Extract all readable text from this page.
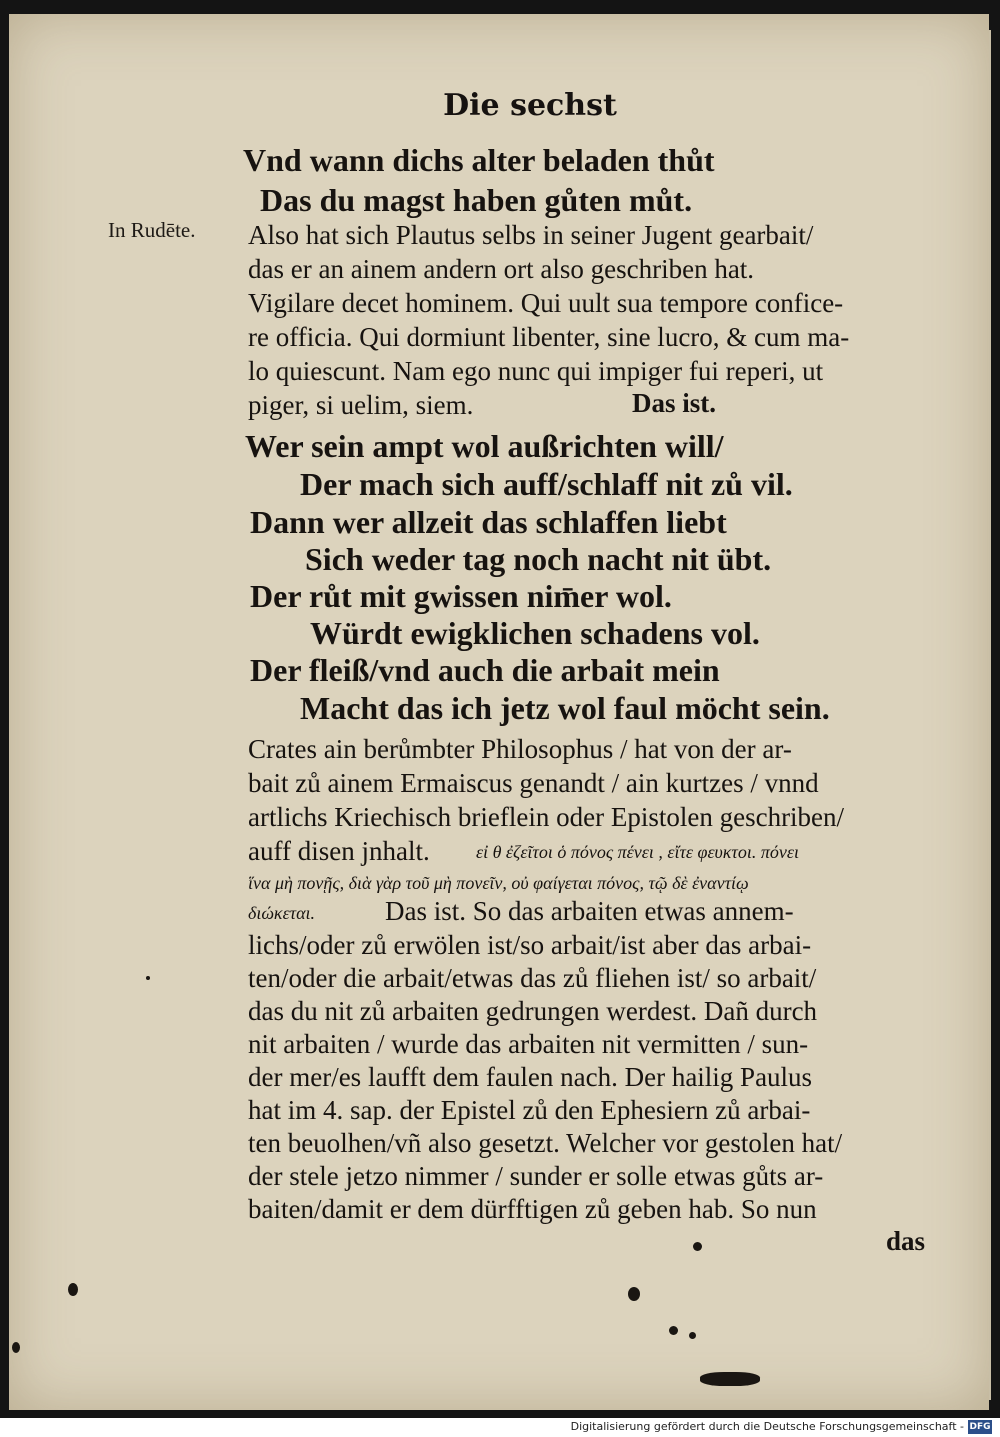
Die sechst
In Rudēte.
Vnd wann dichs alter beladen thůt
Das du magst haben gůten můt.
Also hat sich Plautus selbs in seiner Jugent gearbait/
das er an ainem andern ort also geschriben hat.
Vigilare decet hominem. Qui uult sua tempore confice-
re officia. Qui dormiunt libenter, sine lucro, & cum ma-
lo quiescunt. Nam ego nunc qui impiger fui reperi, ut
piger, si uelim, siem.	Das ist.
Wer sein ampt wol außrichten will/
Der mach sich auff/schlaff nit zů vil.
Dann wer allzeit das schlaffen liebt
Sich weder tag noch nacht nit übt.
Der růt mit gwissen nim̄er wol.
Würdt ewigklichen schadens vol.
Der fleiß/vnd auch die arbait mein
Macht das ich jetz wol faul möcht sein.
Crates ain berůmbter Philosophus / hat von der ar-
bait zů ainem Ermaiscus genandt / ain kurtzes / vnnd
artlichs Kriechisch brieflein oder Epistolen geschriben/
auff disen jnhalt.	εἰ θ ἐζεῖτοι ὁ πόνος πένει , εἴτε φευκτοι. πόνει
ἵνα μὴ πονῇς, διὰ γὰρ τοῦ μὴ πονεῖν, οὐ φαίγεται πόνος, τῷ δὲ ἐναντίῳ
διώκεται.	Das ist. So das arbaiten etwas annem-
lichs/oder zů erwölen ist/so arbait/ist aber das arbai-
ten/oder die arbait/etwas das zů fliehen ist/ so arbait/
das du nit zů arbaiten gedrungen werdest. Dañ durch
nit arbaiten / wurde das arbaiten nit vermitten / sun-
der mer/es laufft dem faulen nach. Der hailig Paulus
hat im 4. sap. der Epistel zů den Ephesiern zů arbai-
ten beuolhen/vñ also gesetzt. Welcher vor gestolen hat/
der stele jetzo nimmer / sunder er solle etwas gůts ar-
baiten/damit er dem dürfftigen zů geben hab. So nun
das
Digitalisierung gefördert durch die Deutsche Forschungsgemeinschaft - DFG
